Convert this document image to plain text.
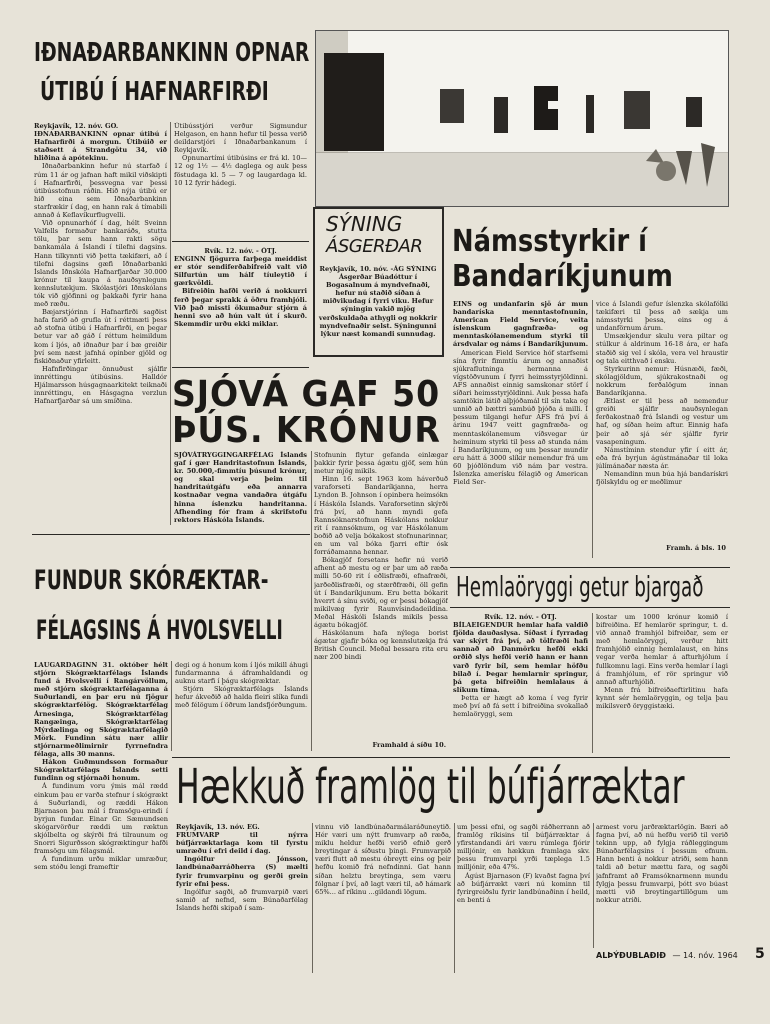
IÐNAÐARBANKINN OPNAR
ÚTIBÚ Í HAFNARFIRÐI

Reykjavík, 12. nóv. GO.

IÐNAÐARBANKINN opnar útibú í Hafnarfirði á morgun. Útibúið er staðsett á Strandgötu 34, við hliðina á apótekinu.

Iðnaðarbankinn hefur nú starfað í rúm 11 ár og jafnan haft mikil viðskipti í Hafnarfirði, þessvegna var þessi útibússtofnun ráðin. Hið nýja útibú er hið eina sem Iðnaðarbankinn starfrækir í dag, en hann rak á tímabili annað á Keflavíkurflugvelli.

Við opnunarhóf í dag, hélt Sveinn Valfells formaður bankaráðs, stutta tölu, þar sem hann rakti sögu bankamála á Íslandi í tilefni dagsins. Hann tilkynnti við þetta tækifæri, að í tilefni dagsins gæfi Iðnaðarbanki Íslands Iðnskóla Hafnarfjarðar 30.000 krónur til kaupa á nauðsynlegum kennslutækjum. Skólastjóri Iðnskólans tók við gjöfinni og þakkaði fyrir hana með ræðu.

Bæjarstjórinn í Hafnarfirði sagðist hafa farið að grufla út í réttmæti þess að stofna útibú í Hafnarfirði, en þegar betur var að gáð í réttum heimildum kom í ljós, að iðnaður þar í bæ greiðir því sem næst jafnhá opinber gjöld og fiskiðnaður yfirleitt.

Hafnfirðingar önnuðust sjálfir innréttingu útibúsins. Halldór Hjálmarsson húsgagnaarkitekt teiknaði innréttingu, en Hásgagna verzlun Hafnarfjarðar sá um smíðina.

Útibússtjóri verður Sigmundur Helgason, en hann hefur til þessa verið deildarstjóri í Iðnaðarbankanum í Reykjavík.

Opnunartími útibúsins er frá kl. 10—12 og 1½ — 4½ daglega og auk þess föstudaga kl. 5 — 7 og laugardaga kl. 10 12 fyrir hádegi.

Rvík. 12. nóv. - ÓTJ.

ENGINN fjögurra farþega meiddist er stór sendiferðabifreið valt við Silfurtún um hálf tíuleytið í gærkvöldi.

Bifreiðin hafði verið á nokkurri ferð þegar sprakk á öðru framhjóli. Við það missti ökumaður stjórn á henni svo að hún valt út í skurð. Skemmdir urðu ekki miklar.

SÝNING
ÁSGERÐAR

Reykjavík, 10. nóv. -ÁG SÝNING Ásgerðar Búadóttur í Bogasalnum á myndvefnaði, hefur nú staðið síðan á miðvikudag í fyrri viku. Hefur sýningin vakið mjög verðskuldaða athygli og nokkrir myndvefnaðir selst. Sýningunni lýkur næst komandi sunnudag.

Námsstyrkir í
Bandaríkjunum

EINS og undanfarin sjö ár mun bandaríska menntastofnunin, American Field Service, veita íslenskum gagnfræða- og menntaskólanemendum styrki til ársdvalar og náms í Bandaríkjunum.

American Field Service hóf starfsemi sína fyrir fimmtíu árum og annaðist sjúkraflutninga hermanna á vígstöðvunum í fyrri heimsstyrjöldinni. AFS annaðist einnig samskonar störf í síðari heimsstyrjöldinni. Auk þessa hafa samtökin látið alþjóðamál til sín taka og unnið að bættri sambúð þjóða á milli. Í þessum tilgangi hefur AFS frá því á árinu 1947 veitt gagnfræða- og menntaskólanemum víðsvegar úr heiminum styrki til þess að stunda nám í Bandaríkjunum, og um þessar mundir eru hátt á 3000 slíkir nemendur frá um 60 þjóðlöndum við nám þar vestra. Íslenzka amerísku félagið og American Field Ser-

vice á Íslandi gefur íslenzka skólafólki tækifæri til þess að sækja um námsstyrki þessa, eins og á undanförnum árum.

Umsækjendur skulu vera piltar og stúlkur á aldrinum 16-18 ára, er hafa staðið sig vel í skóla, vera vel hraustir og tala eitthvað í ensku.

Styrkurinn nemur: Húsnæði, fæði, skólagjöldum, sjúkrakostnaði og nokkrum ferðalögum innan Bandaríkjanna.

Ætlast er til þess að nemendur greiði sjálfir nauðsynlegan ferðakostnað frá Íslandi og vestur um haf, og síðan heim aftur. Einnig hafa þeir að sjá sér sjálfir fyrir vasapeningum.

Námstíminn stendur yfir í eitt ár, eða frá byrjun ágústmánaðar til loka júlímánaðar næsta ár.

Nemandinn mun búa hjá bandarískri fjölskyldu og er meðlimur

Framh. á bls. 10
SJÓVÁ GAF 50
ÞÚS. KRÓNUR

SJÓVÁTRYGGINGARFÉLAG Íslands gaf í gær Handritastofnun Íslands, kr. 50.000,-fimmtíu þúsund krónur, og skal verja þeim til handritaútgáfu eða annarra kostnaðar vegna vandaðra útgáfu hinna íslenzku handritanna. Afhending fór fram á skrifstofu rektors Háskóla Íslands.

Stofnunin flytur gefanda einlægar þakkir fyrir þessa ágætu gjöf, sem hún metur mjög mikils.

Hinn 16. sept 1963 kom háverðuð varaforseti Bandaríkjanna, herra Lyndon B. Johnson í opinbera heimsókn í Háskóla Íslands. Varaforsetinn skýrði frá því, að hann myndi gefa Rannsóknarstofnun Háskólans nokkur rit í rannsóknum, og var Háskólanum boðið að velja bókakost stofnunarinnar, en um val bóka fjarri eftir ósk forráðamanna hennar.

Bókagjöf forsetans hefir nú verið afhent að mestu og er þar um að ræða milli 50-60 rit í eðlisfræði, efnafræði, jarðeðlisfræði, og stærðfræði, öll gefin út í Bandaríkjunum. Eru betta bókarit hverrt á sínu sviði, og er þessi bókagjöf mikilvæg fyrir Raunvísindadeildina. Meðal Háskóli Íslands mikils þessa ágætu bókagjöf.

Háskólanum hafa nýlega borist ágætar gjafir bóka og kennslutækja frá British Council. Meðal bessara rita eru nær 200 bindi

Framhald á síðu 10.
FUNDUR SKÓRÆKTAR-
FÉLAGSINS Á HVOLSVELLI

LAUGARDAGINN 31. október hélt stjórn Skógræktarfélags Íslands fund á Hvolsvelli í Rangárvöllum, með stjórn skógræktarfélaganna á Suðurlandi, en þar eru nú fjögur skógræktarfélög. Skógræktarfélag Árnesinga, Skógræktarfélag Rangæinga, Skógræktarfélag Mýrdælinga og Skógræktarfélagið Mörk. Fundinn sátu nær allir stjórnarmeðlimirnir fyrrnefndra félaga, alls 30 manns.

Hákon Guðmundsson formaður Skógræktarfélags Íslands setti fundinn og stjórnaði honum.

Á fundinum voru ýmis mál rædd einkum þau er varða stefnur í skógrækt á Suðurlandi, og ræddi Hákon Bjarnason þau mál í framsögu-erindi í byrjun fundar. Einar Gr. Sæmundsen skógarvörður ræddi um ræktun skjólbelta og skýrði frá tilraunum og Snorri Sigurðsson skógræktingur hafði framsögu um félagsmál.

Á fundinum urðu miklar umræður, sem stóðu lengi frameftir

degi og á honum kom í ljós mikill áhugi fundarmanna á áframhaldandi og auknu starfi í þágu skógræktar.

Stjórn Skógræktarfélags Íslands hefur ákveðið að halda fleiri slíka fundi með félögum í öðrum landsfjórðungum.

Hemlaöryggi getur bjargað

Rvík. 12. nóv. - ÓTJ.

BÍLAEIGENDUR hemlar hafa valdið fjölda dauðaslysa. Síðast í fyrradag var skýrt frá því, að tölfræði hafi sannað að Danmörku hefði ekki orðið slys hefði verið hann er hann varð fyrir bíl, sem hemlar höfðu bilað í. Þegar hemlarnir springur, þá geta bifreiðin hemlalaus á slíkum tíma.

Þetta er hægt að koma í veg fyrir með því að fá sett í bifreiðina svokallað hemlaöryggi, sem

kostar um 1000 krónur komið í bifreiðina. Ef hemlarör springur, t. d. við annað framhjól bifreiðar, sem er með hemlaöryggi, verður hitt framhjólið einnig hemlalaust, en hins vegar verða hemlar á afturhjólum í fullkomnu lagi. Eins verða hemlar í lagi á framhjólum, ef rör springur við annað afturhjólið.

Menn frá bifreiðaeftirlitinu hafa kynnt sér hemlaöryggin, og telja þau mikilsverð öryggistæki.

Hækkuð framlög til búfjárræktar

Reykjavík, 13. nóv. EG.

FRUMVARP til nýrra búfjárræktarlaga kom til fyrstu umræðu í efri deild í dag.

Ingólfur Jónsson, landbúnaðarráðherra (S) mælti fyrir frumvarpinu og gerði grein fyrir efni þess.

Ingólfur sagði, að frumvarpið væri samið af nefnd, sem Búnaðarfélag Íslands hefði skipað í sam-

vinnu við landbúnaðarmálaráðuneytið. Hér væri um nýtt frumvarp að ræða, miklu heldur hefði verið efnið gerð breytingar á síðustu þingi. Frumvarpið væri flutt að mestu óbreytt eins og þeir hefðu komið frá nefndinni. Gat hann síðan helztu breytinga, sem væru fólgnar í því, að lagt væri til, að hámark 65%... af ríkinu ...gildandi lögum.

um þessi efni, og sagði ráðherrann að framlög ríkisins til búfjárræktar á yfirstandandi ári væru rúmlega fjórir milljónir, en hækkun framlaga skv. þessu frumvarpi yrði tæplega 1.5 milljónir, eða 47%.

Ágúst Bjarnason (F) kvaðst fagna því að búfjárrækt væri nú kominn til fyrirgreiðslu fyrir landbúnaðinn í heild, en benti á

armest voru jarðræktarlögin. Bæri að fagna því, að nú hefðu verið til verið tekinn upp, að fylgja ráðleggingum Búnaðarfélagsins í þessum efnum. Hann benti á nokkur atriði, sem hann taldi að betur mættu fara, og sagði jafnframt að Framsóknarmenn mundu fylgja þessu frumvarpi, þótt svo búast mætti við breytingartillögum um nokkur atriði.

ALÞÝÐUBLAÐIÐ — 14. nóv. 1964 5
